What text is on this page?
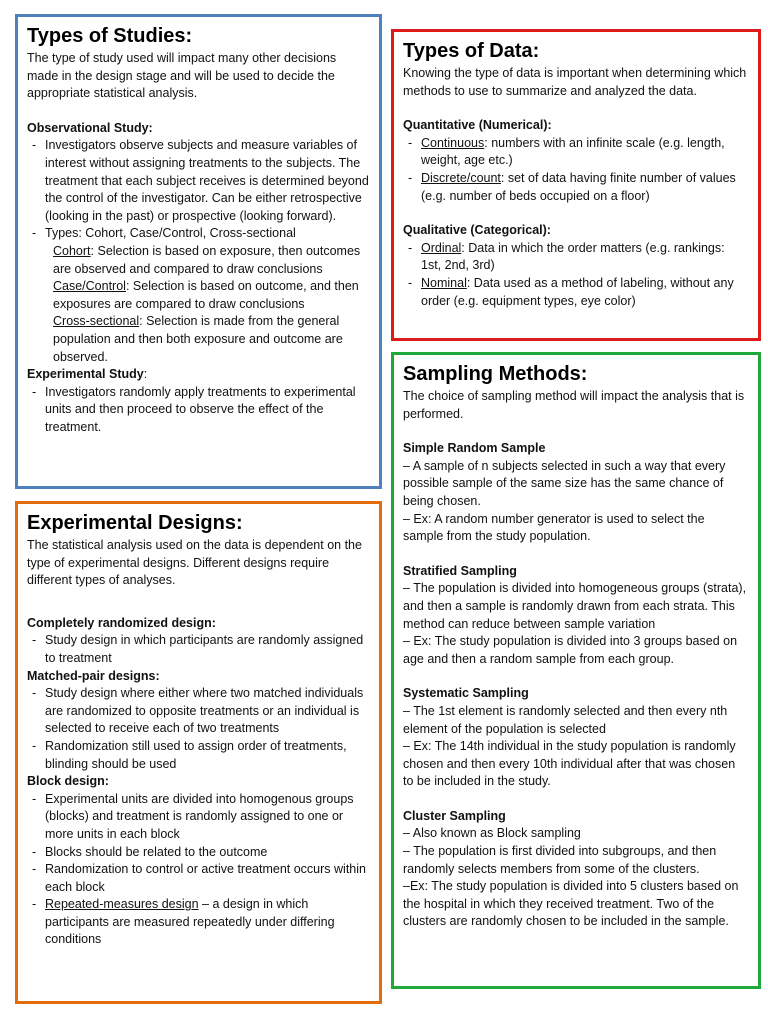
Types of Studies:

The type of study used will impact many other decisions made in the design stage and will be used to decide the appropriate statistical analysis.

Observational Study:

- Investigators observe subjects and measure variables of interest without assigning treatments to the subjects. The treatment that each subject receives is determined beyond the control of the investigator. Can be either retrospective (looking in the past) or prospective (looking forward).

- Types: Cohort, Case/Control, Cross-sectional

Cohort: Selection is based on exposure, then outcomes are observed and compared to draw conclusions

Case/Control: Selection is based on outcome, and then exposures are compared to draw conclusions

Cross-sectional: Selection is made from the general population and then both exposure and outcome are observed.

Experimental Study:

- Investigators randomly apply treatments to experimental units and then proceed to observe the effect of the treatment.

Experimental Designs:

The statistical analysis used on the data is dependent on the type of experimental designs. Different designs require different types of analyses.

Completely randomized design:

- Study design in which participants are randomly assigned to treatment

Matched-pair designs:

- Study design where either where two matched individuals are randomized to opposite treatments or an individual is selected to receive each of two treatments

- Randomization still used to assign order of treatments, blinding should be used

Block design:

- Experimental units are divided into homogenous groups (blocks) and treatment is randomly assigned to one or more units in each block

- Blocks should be related to the outcome

- Randomization to control or active treatment occurs within each block

- Repeated-measures design – a design in which participants are measured repeatedly under differing conditions

Types of Data:

Knowing the type of data is important when determining which methods to use to summarize and analyzed the data.

Quantitative (Numerical):

- Continuous: numbers with an infinite scale (e.g. length, weight, age etc.)

- Discrete/count: set of data having finite number of values (e.g. number of beds occupied on a floor)

Qualitative (Categorical):

- Ordinal: Data in which the order matters (e.g. rankings: 1st, 2nd, 3rd)

- Nominal: Data used as a method of labeling, without any order (e.g. equipment types, eye color)

Sampling Methods:

The choice of sampling method will impact the analysis that is performed.

Simple Random Sample

– A sample of n subjects selected in such a way that every possible sample of the same size has the same chance of being chosen.

– Ex: A random number generator is used to select the sample from the study population.

Stratified Sampling

– The population is divided into homogeneous groups (strata), and then a sample is randomly drawn from each strata. This method can reduce between sample variation

– Ex: The study population is divided into 3 groups based on age and then a random sample from each group.

Systematic Sampling

– The 1st element is randomly selected and then every nth element of the population is selected

– Ex: The 14th individual in the study population is randomly chosen and then every 10th individual after that was chosen to be included in the study.

Cluster Sampling

– Also known as Block sampling

– The population is first divided into subgroups, and then randomly selects members from some of the clusters.

–Ex: The study population is divided into 5 clusters based on the hospital in which they received treatment. Two of the clusters are randomly chosen to be included in the sample.
